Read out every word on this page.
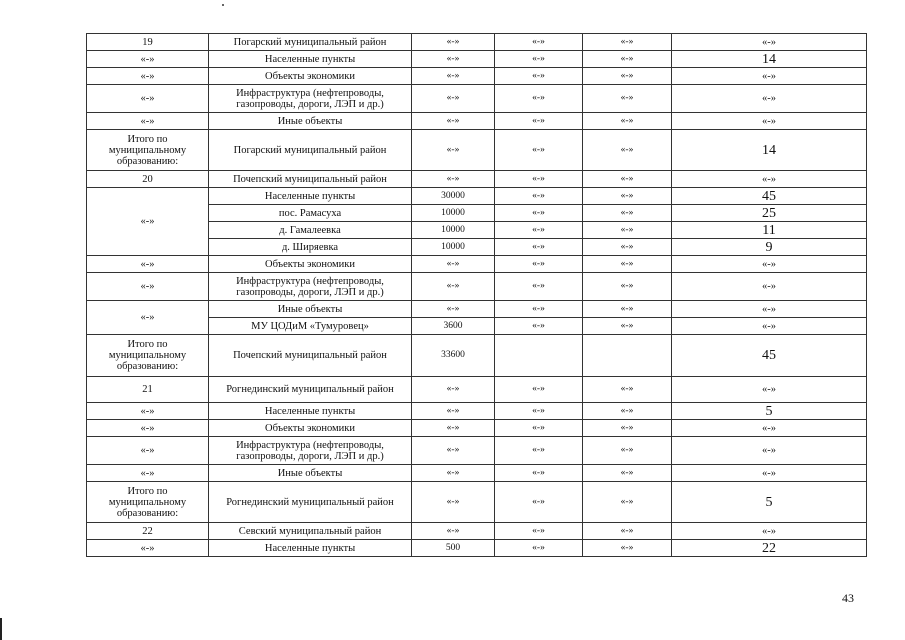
19	Погарский муниципальный район	«-»	«-»	«-»	«-»
«-»	Населенные пункты	«-»	«-»	«-»	14
«-»	Объекты экономики	«-»	«-»	«-»	«-»
«-»	Инфраструктура (нефтепроводы, газопроводы, дороги, ЛЭП и др.)	«-»	«-»	«-»	«-»
«-»	Иные объекты	«-»	«-»	«-»	«-»
Итого по муниципальному образованию:	Погарский муниципальный район	«-»	«-»	«-»	14
20	Почепский муниципальный район	«-»	«-»	«-»	«-»
«-»	Населенные пункты	30000	«-»	«-»	45
	пос. Рамасуха	10000	«-»	«-»	25
	д. Гамалеевка	10000	«-»	«-»	11
	д. Ширяевка	10000	«-»	«-»	9
«-»	Объекты экономики	«-»	«-»	«-»	«-»
«-»	Инфраструктура (нефтепроводы, газопроводы, дороги, ЛЭП и др.)	«-»	«-»	«-»	«-»
«-»	Иные объекты	«-»	«-»	«-»	«-»
	МУ ЦОДиМ «Тумуровец»	3600	«-»	«-»	«-»
Итого по муниципальному образованию:	Почепский муниципальный район	33600			45
21	Рогнединский муниципальный район	«-»	«-»	«-»	«-»
«-»	Населенные пункты	«-»	«-»	«-»	5
«-»	Объекты экономики	«-»	«-»	«-»	«-»
«-»	Инфраструктура (нефтепроводы, газопроводы, дороги, ЛЭП и др.)	«-»	«-»	«-»	«-»
«-»	Иные объекты	«-»	«-»	«-»	«-»
Итого по муниципальному образованию:	Рогнединский муниципальный район	«-»	«-»	«-»	5
22	Севский муниципальный район	«-»	«-»	«-»	«-»
«-»	Населенные пункты	500	«-»	«-»	22
43
